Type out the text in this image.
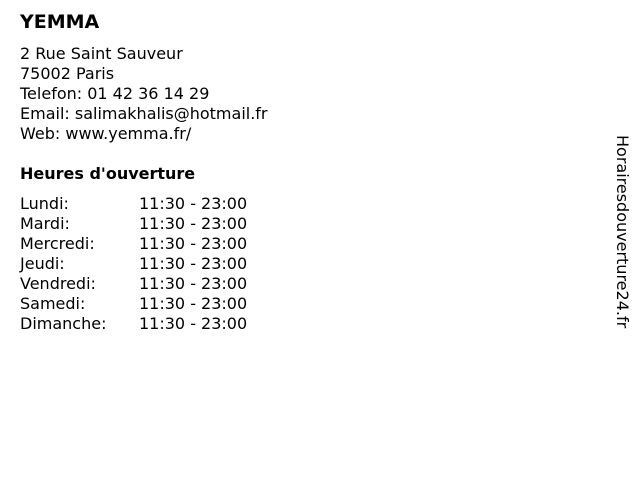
YEMMA
2 Rue Saint Sauveur
75002 Paris
Telefon: 01 42 36 14 29
Email: salimakhalis@hotmail.fr
Web: www.yemma.fr/
Heures d'ouverture
Lundi:	11:30 - 23:00
Mardi:	11:30 - 23:00
Mercredi:	11:30 - 23:00
Jeudi:	11:30 - 23:00
Vendredi:	11:30 - 23:00
Samedi:	11:30 - 23:00
Dimanche: 11:30 - 23:00	Horairesdouverture24.fr
